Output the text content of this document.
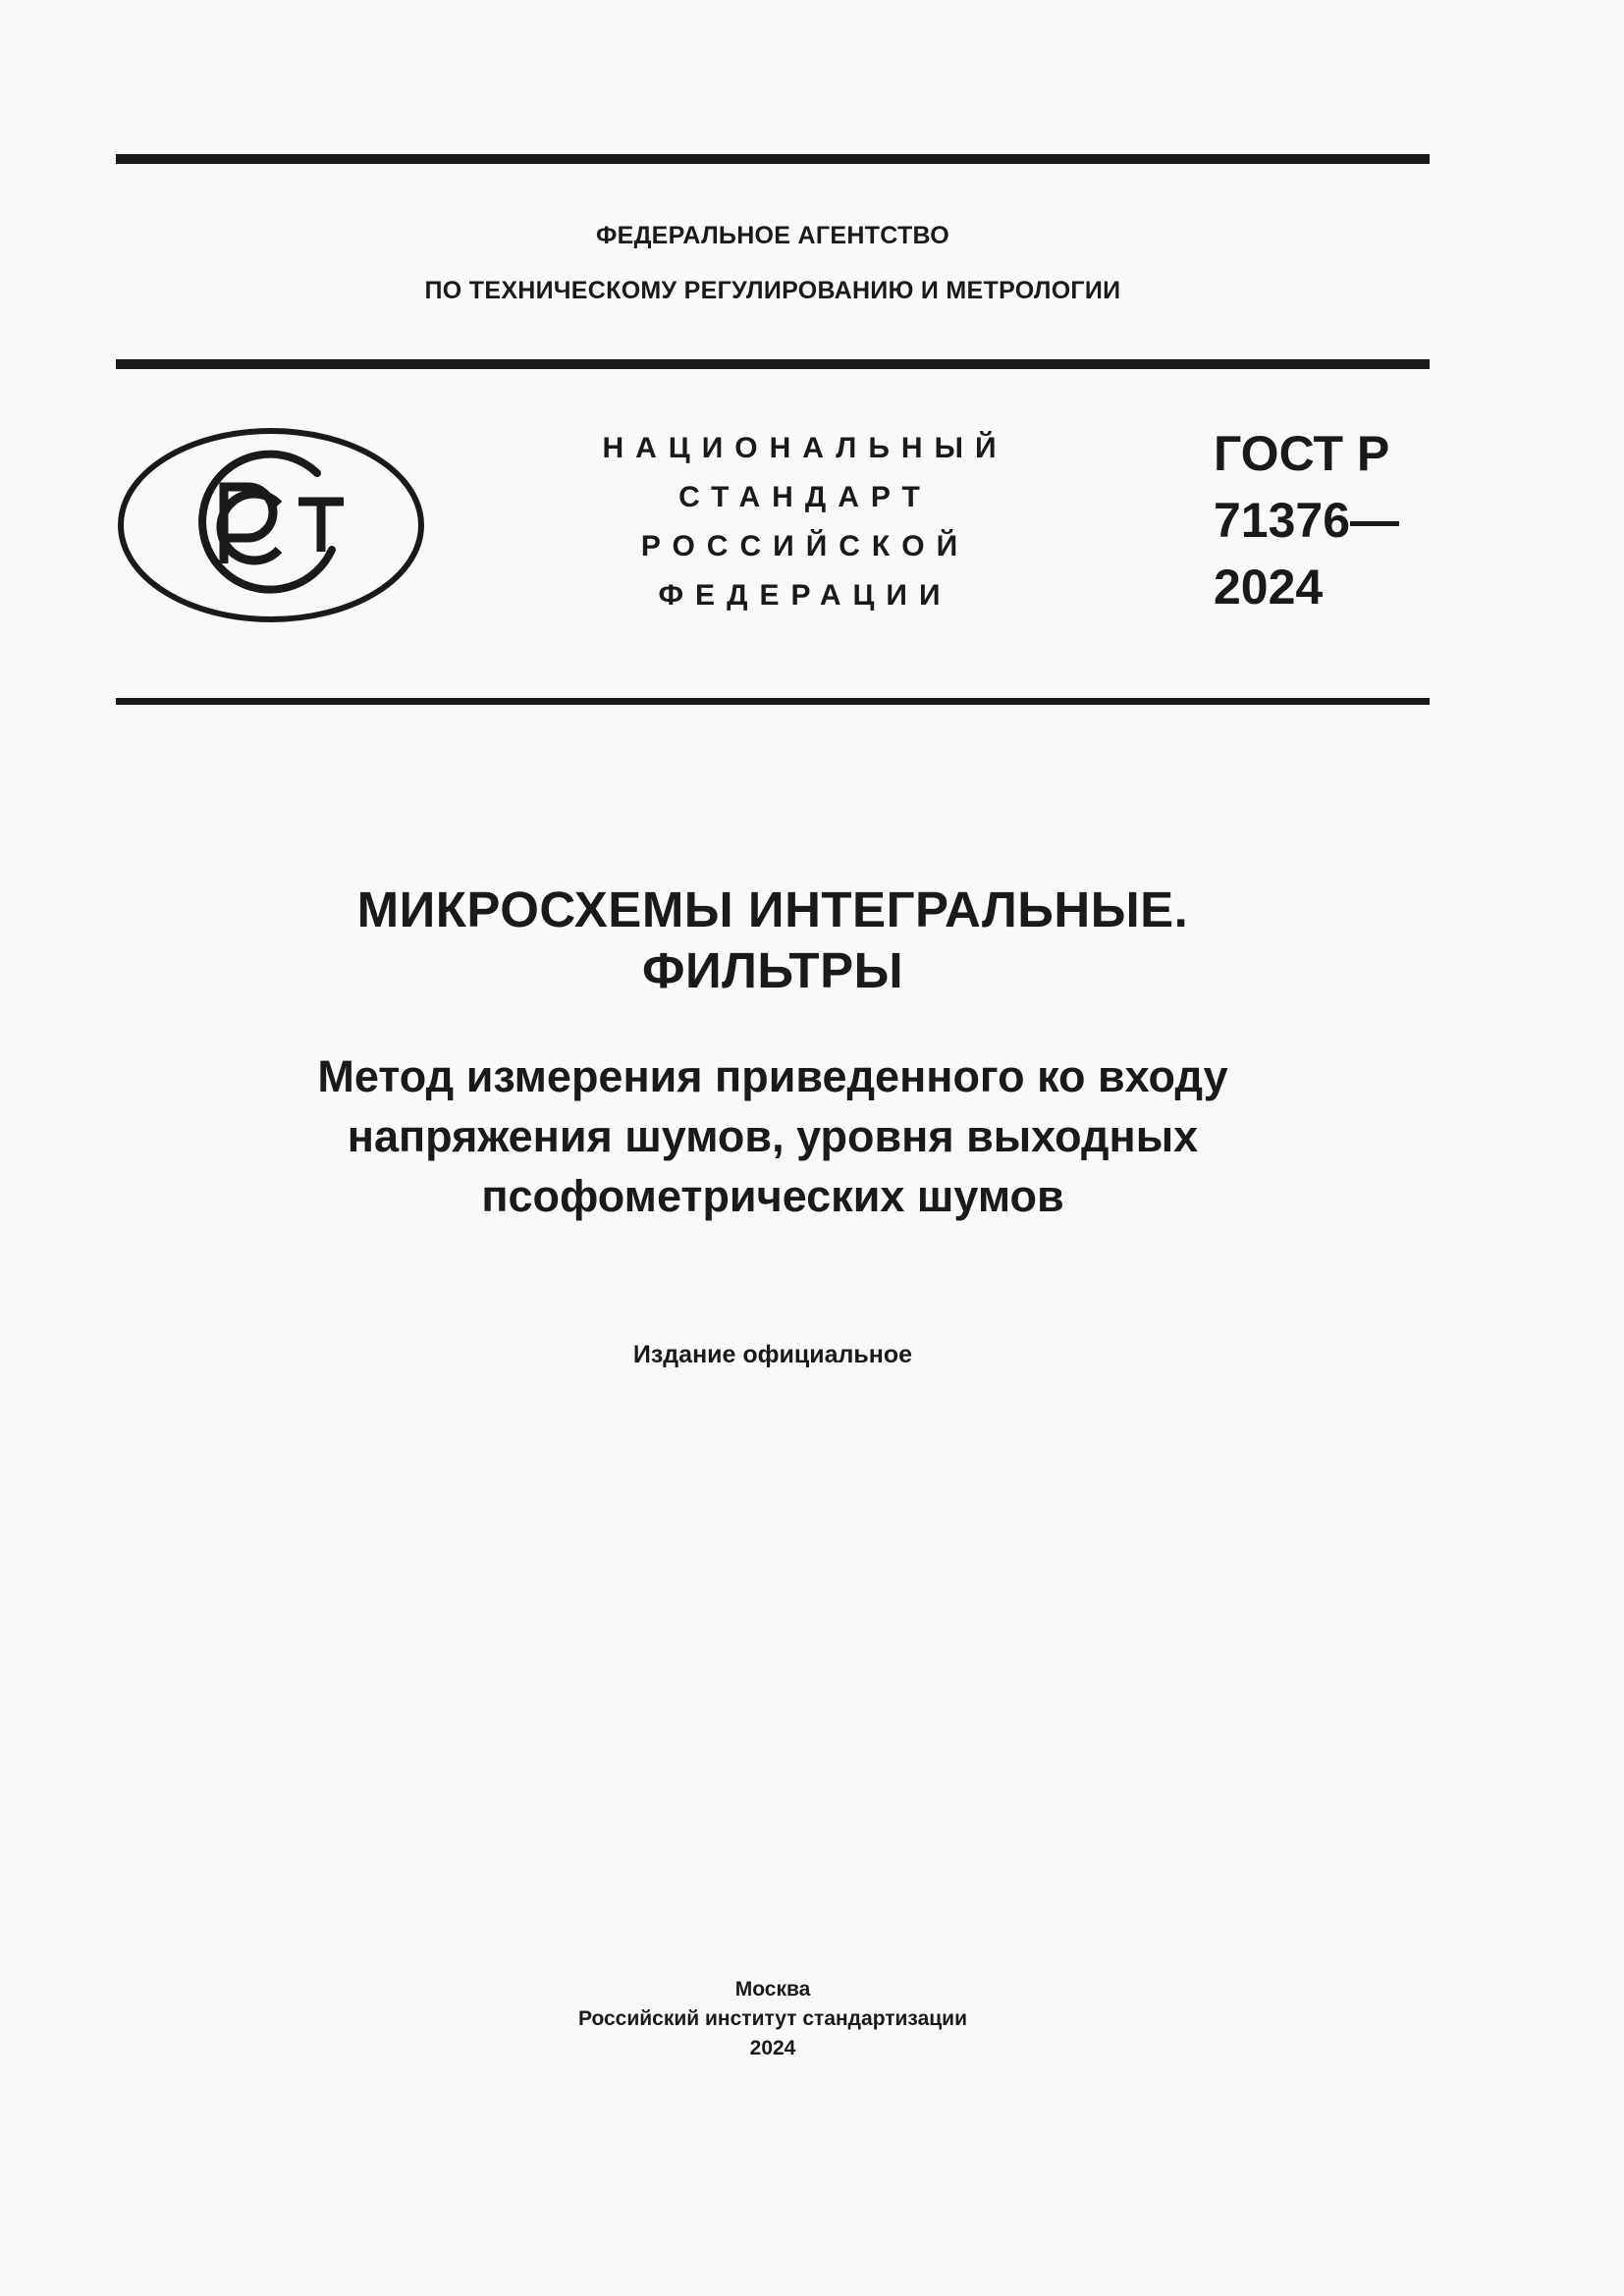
ФЕДЕРАЛЬНОЕ АГЕНТСТВО
ПО ТЕХНИЧЕСКОМУ РЕГУЛИРОВАНИЮ И МЕТРОЛОГИИ
НАЦИОНАЛЬНЫЙ
СТАНДАРТ
РОССИЙСКОЙ
ФЕДЕРАЦИИ
ГОСТ Р
71376—
2024
МИКРОСХЕМЫ ИНТЕГРАЛЬНЫЕ.
ФИЛЬТРЫ
Метод измерения приведенного ко входу
напряжения шумов, уровня выходных
псофометрических шумов
Издание официальное
Москва
Российский институт стандартизации
2024
